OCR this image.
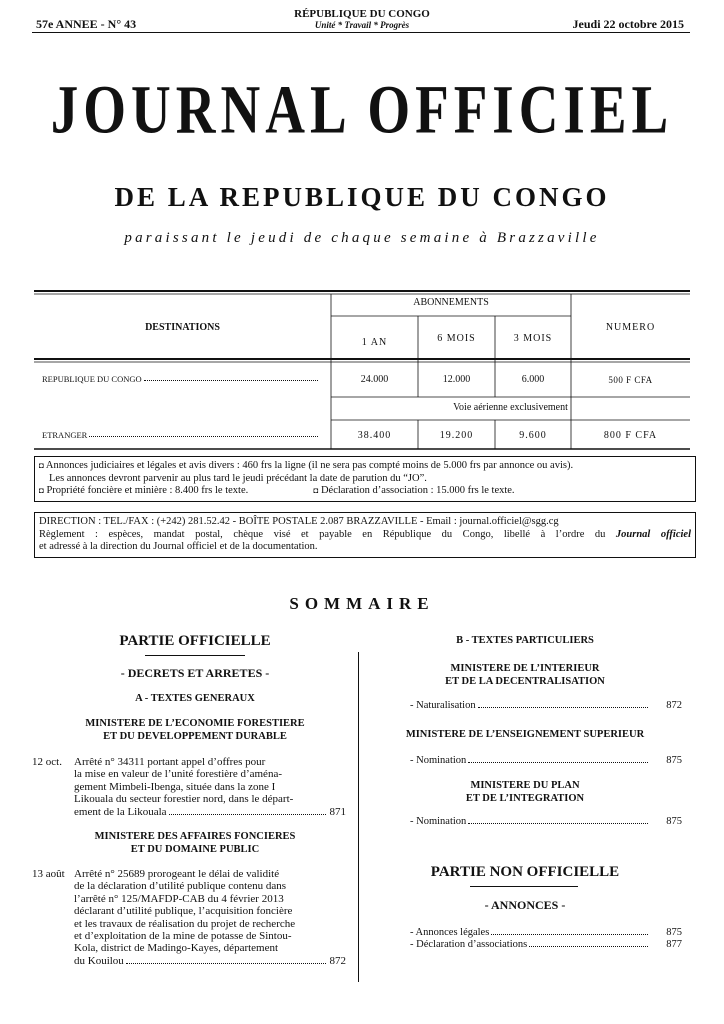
57e ANNEE - N° 43
RÉPUBLIQUE DU CONGO
Unité * Travail * Progrès	Jeudi 22 octobre 2015
JOURNAL OFFICIEL
DE LA REPUBLIQUE DU CONGO
paraissant le jeudi de chaque semaine à Brazzaville
DESTINATIONS
ABONNEMENTS
NUMERO
1 AN	6 MOIS	3 MOIS
REPUBLIQUE DU CONGO	24.000	12.000	6.000	500 F CFA
Voie aérienne exclusivement
ETRANGER	38.400	19.200	9.600	800 F CFA
◘ Annonces judiciaires et légales et avis divers : 460 frs la ligne (il ne sera pas compté moins de 5.000 frs par annonce ou avis).
Les annonces devront parvenir au plus tard le jeudi précédant la date de parution du “JO”.
◘ Propriété foncière et minière : 8.400 frs le texte.	◘ Déclaration d’association : 15.000 frs le texte.
DIRECTION : TEL./FAX : (+242) 281.52.42 - BOÎTE POSTALE 2.087 BRAZZAVILLE - Email : journal.officiel@sgg.cg
Règlement : espèces, mandat postal, chèque visé et payable en République du Congo, libellé à l’ordre du Journal officiel
et adressé à la direction du Journal officiel et de la documentation.
SOMMAIRE
PARTIE OFFICIELLE
- DECRETS ET ARRETES -
A - TEXTES GENERAUX
MINISTERE DE L’ECONOMIE FORESTIERE
ET DU DEVELOPPEMENT DURABLE
12 oct. Arrêté n° 34311 portant appel d’offres pour
la mise en valeur de l’unité forestière d’aména-
gement Mimbeli-Ibenga, située dans la zone I
Likouala du secteur forestier nord, dans le départ-
ement de la Likouala	871
MINISTERE DES AFFAIRES FONCIERES
ET DU DOMAINE PUBLIC
13 août Arrêté n° 25689 prorogeant le délai de validité
de la déclaration d’utilité publique contenu dans
l’arrêté n° 125/MAFDP-CAB du 4 février 2013
déclarant d’utilité publique, l’acquisition foncière
et les travaux de réalisation du projet de recherche
et d’exploitation de la mine de potasse de Sintou-
Kola, district de Madingo-Kayes, département
du Kouilou	872
B - TEXTES PARTICULIERS
MINISTERE DE L’INTERIEUR
ET DE LA DECENTRALISATION
- Naturalisation	872
MINISTERE DE L’ENSEIGNEMENT SUPERIEUR
- Nomination	875
MINISTERE DU PLAN
ET DE L’INTEGRATION
- Nomination	875
PARTIE NON OFFICIELLE
- ANNONCES -
- Annonces légales	875
- Déclaration d’associations	877
